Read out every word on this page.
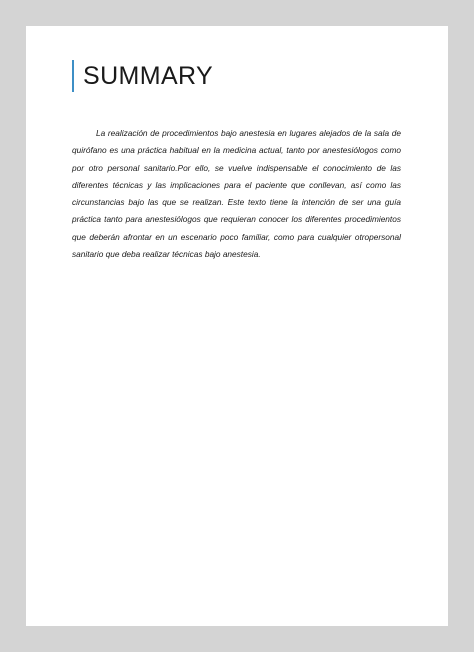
SUMMARY

La realización de procedimientos bajo anestesia en lugares alejados de la sala de quirófano es una práctica habitual en la medicina actual, tanto por anestesiólogos como por otro personal sanitario.Por ello, se vuelve indispensable el conocimiento de las diferentes técnicas y las implicaciones para el paciente que conllevan, así como las circunstancias bajo las que se realizan. Este texto tiene la intención de ser una guía práctica tanto para anestesiólogos que requieran conocer los diferentes procedimientos que deberán afrontar en un escenario poco familiar, como para cualquier otropersonal sanitario que deba realizar técnicas bajo anestesia.
